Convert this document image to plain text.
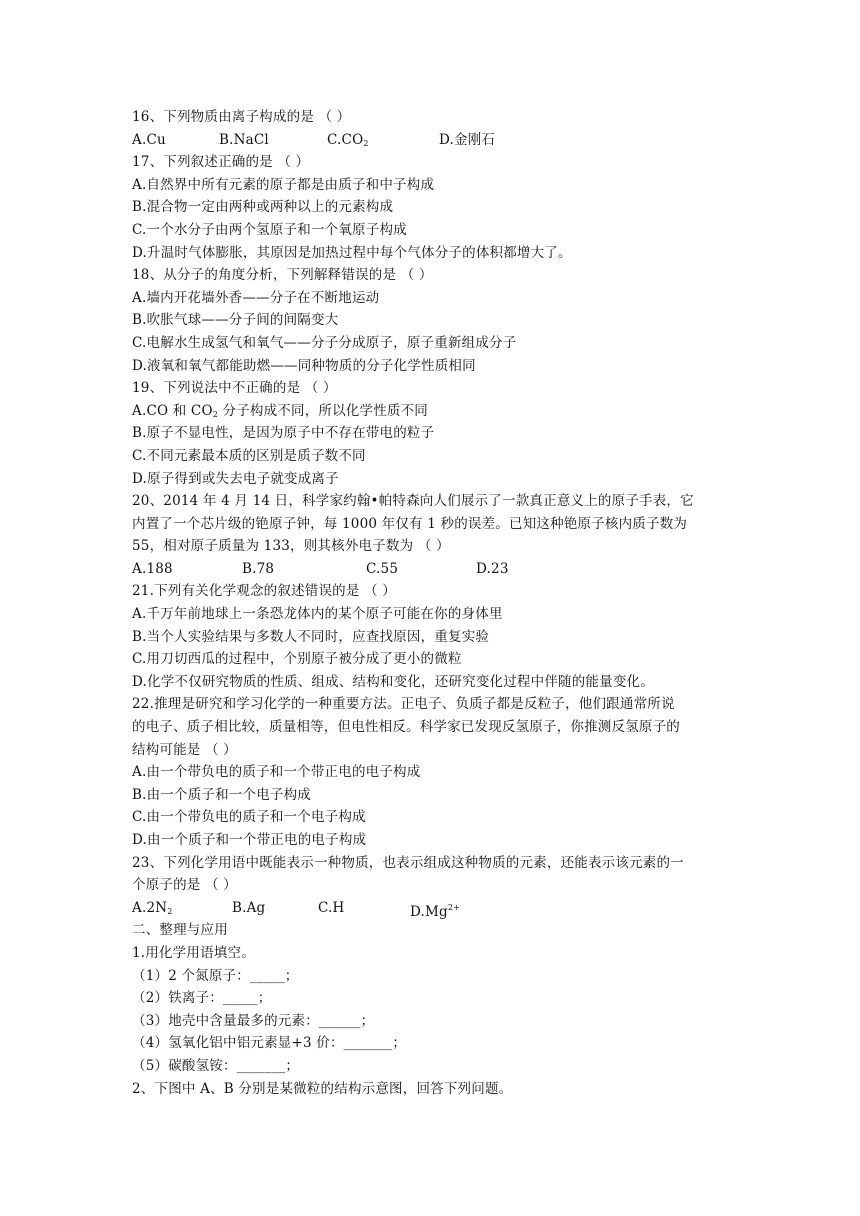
16、下列物质由离子构成的是 （ ）
A.Cu	B.NaCl	$C.CO_2$	D.金刚石
17、下列叙述正确的是 （ ）
A.自然界中所有元素的原子都是由质子和中子构成
B.混合物一定由两种或两种以上的元素构成
C.一个水分子由两个氢原子和一个氧原子构成
D.升温时气体膨胀，其原因是加热过程中每个气体分子的体积都增大了。
18、从分子的角度分析，下列解释错误的是 （ ）
A.墙内开花墙外香——分子在不断地运动
B.吹胀气球——分子间的间隔变大
C.电解水生成氢气和氧气——分子分成原子，原子重新组成分子
D.液氧和氧气都能助燃——同种物质的分子化学性质相同
19、下列说法中不正确的是 （ ）
A.CO 和 $CO_2$ 分子构成不同，所以化学性质不同
B.原子不显电性，是因为原子中不存在带电的粒子
C.不同元素最本质的区别是质子数不同
D.原子得到或失去电子就变成离子
20、2014 年 4 月 14 日，科学家约翰•帕特森向人们展示了一款真正意义上的原子手表，它
内置了一个芯片级的铯原子钟，每 1000 年仅有 1 秒的误差。已知这种铯原子核内质子数为
55，相对原子质量为 133，则其核外电子数为 （ ）
A.188	B.78	C.55	D.23
21.下列有关化学观念的叙述错误的是 （ ）
A.千万年前地球上一条恐龙体内的某个原子可能在你的身体里
B.当个人实验结果与多数人不同时，应查找原因，重复实验
C.用刀切西瓜的过程中，个别原子被分成了更小的微粒
D.化学不仅研究物质的性质、组成、结构和变化，还研究变化过程中伴随的能量变化。
22.推理是研究和学习化学的一种重要方法。正电子、负质子都是反粒子，他们跟通常所说
的电子、质子相比较，质量相等，但电性相反。科学家已发现反氢原子，你推测反氢原子的
结构可能是 （ ）
A.由一个带负电的质子和一个带正电的电子构成
B.由一个质子和一个电子构成
C.由一个带负电的质子和一个电子构成
D.由一个质子和一个带正电的电子构成
23、下列化学用语中既能表示一种物质，也表示组成这种物质的元素，还能表示该元素的一
个原子的是 （ ）
$A.2N_2$	B.Ag	C.H	$D.Mg^{2+}$
二、整理与应用
1.用化学用语填空。
（1）2 个氮原子：_____；
（2）铁离子：_____；
（3）地壳中含量最多的元素：______；
（4）氢氧化铝中铝元素显+3 价：_______；
（5）碳酸氢铵：_______；
2、下图中 A、B 分别是某微粒的结构示意图，回答下列问题。
